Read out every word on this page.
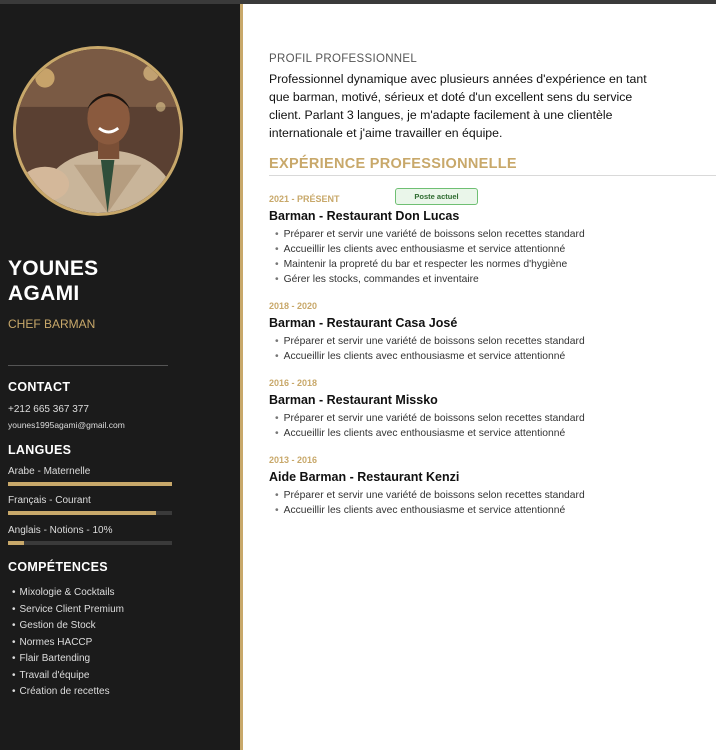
YOUNES
AGAMI
CHEF BARMAN
CONTACT
+212 665 367 377
younes1995agami@gmail.com
LANGUES
Arabe - Maternelle
Français - Courant
Anglais - Notions - 10%
COMPÉTENCES
• Mixologie & Cocktails
• Service Client Premium
• Gestion de Stock
• Normes HACCP
• Flair Bartending
• Travail d'équipe
• Création de recettes
PROFIL PROFESSIONNEL

Professionnel dynamique avec plusieurs années d'expérience en tant que barman, motivé, sérieux et doté d'un excellent sens du service client. Parlant 3 langues, je m'adapte facilement à une clientèle internationale et j'aime travailler en équipe.

EXPÉRIENCE PROFESSIONNELLE
2021 - PRÉSENT	Poste actuel
Barman - Restaurant Don Lucas
• Préparer et servir une variété de boissons selon recettes standard
• Accueillir les clients avec enthousiasme et service attentionné
• Maintenir la propreté du bar et respecter les normes d'hygiène
• Gérer les stocks, commandes et inventaire
2018 - 2020
Barman - Restaurant Casa José
• Préparer et servir une variété de boissons selon recettes standard
• Accueillir les clients avec enthousiasme et service attentionné
2016 - 2018
Barman - Restaurant Missko
• Préparer et servir une variété de boissons selon recettes standard
• Accueillir les clients avec enthousiasme et service attentionné
2013 - 2016
Aide Barman - Restaurant Kenzi
• Préparer et servir une variété de boissons selon recettes standard
• Accueillir les clients avec enthousiasme et service attentionné
